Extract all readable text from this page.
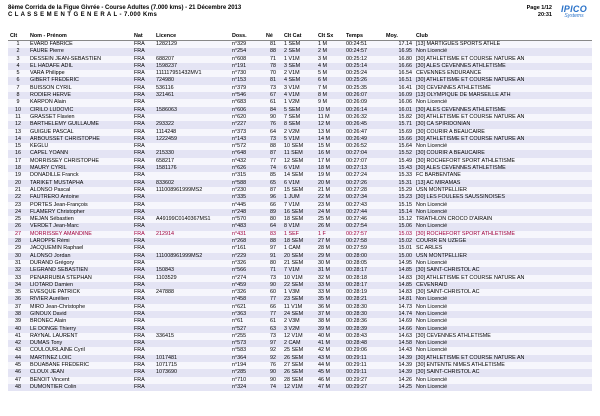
8ème Corrida de la Figue Givrée - Course Adultes (7.000 kms) - 21 Décembre 2013
C L A S S E M E N T G E N E R A L - 7.000 Kms
Page 1/12
20:31
IPICO
Systems
Clt	Nom - Prénom	Nat	Licence	Doss.	Né	Clt Cat	Clt Sx	Temps	Moy.	Club
1	EVARD FABRICE	FRA	1282129	n°329	81	1 SEM	1 M	00:24:51	17.14	[13] MARTIGUES SPORTS ATHLE
2	FAURE Pierre	FRA		n°254	88	2 SEM	2 M	00:24:57	16.95	Non Licencié
3	DESSEIN JEAN-SEBASTIEN	FRA	688207	n°608	71	1 V1M	3 M	00:25:12	16.80	[30] ATHLETISME ET COURSE NATURE AN
4	EL HADAFE ADIL	FRA	1598237	n°191	78	3 SEM	4 M	00:25:14	16.66	[30] ALES CEVENNES ATHLETISME
5	VARA Philippe	FRA	111117951432MV1	n°730	70	2 V1M	5 M	00:25:24	16.54	CEVENNES ENDURANCE
6	GIBERT FREDERIC	FRA	724980	n°153	81	4 SEM	6 M	00:25:26	16.51	[30] ATHLETISME ET COURSE NATURE AN
7	BUISSON CYRIL	FRA	536116	n°379	73	3 V1M	7 M	00:25:35	16.41	[30] CEVENNES ATHLETISME
8	RODIER HERVE	FRA	321461	n°546	67	4 V1M	8 M	00:26:07	16.09	[13] OLYMPIQUE DE MARSEILLE ATH
9	KARPON Alain	FRA		n°683	61	1 V2M	9 M	00:26:09	16.06	Non Licencié
10	CIRILO LUDOVIC	FRA	1586063	n°606	84	5 SEM	10 M	00:26:14	16.01	[30] ALES CEVENNES ATHLETISME
11	GRASSET Flavien	FRA		n°620	90	7 SEM	11 M	00:26:32	15.82	[30] ATHLETISME ET COURSE NATURE AN
12	BARTHELEMY GUILLAUME	FRA	293322	n°227	76	8 SEM	12 M	00:26:45	15.71	[30] CA SPIRIDONIAN
13	GUIGUE PASCAL	FRA	1114248	n°373	64	2 V2M	13 M	00:26:47	15.69	[30] COURIR A BEAUCAIRE
14	ARBOUSSET CHRISTOPHE	FRA	1222459	n°143	73	5 V1M	14 M	00:26:49	15.66	[30] ATHLETISME ET COURSE NATURE AN
15	KEGLU	FRA		n°572	88	10 SEM	15 M	00:26:52	15.64	Non Licencié
16	CAPEL YOANN	FRA	215330	n°648	87	11 SEM	16 M	00:27:04	15.52	[30] COURIR A BEAUCAIRE
17	MORRISSEY CHRISTOPHE	FRA	658217	n°432	77	12 SEM	17 M	00:27:07	15.49	[30] ROCHEFORT SPORT ATHLETISME
18	MAURY CYRIL	FRA	1581176	n°626	74	6 V1M	18 M	00:27:13	15.43	[30] ALES CEVENNES ATHLETISME
19	DONADILLE Franck	FRA		n°315	85	14 SEM	19 M	00:27:24	15.33	FC BARBENTANE
20	TARIKET MUSTAPHA	FRA	833602	n°588	65	6 V1M	20 M	00:27:26	15.31	[13] AC MIRAMAS
21	ALONSO Pascal	FRA	111008961999MS2	n°230	87	15 SEM	21 M	00:27:28	15.29	USN MONTPELLIER
22	FAUTRERO Antoine	FRA		n°335	96	1 JUM	22 M	00:27:34	15.23	[30] LES FOULEES SAUSSINOISES
23	PORTES Jean-François	FRA		n°445	66	7 V1M	23 M	00:27:43	15.15	Non Licencié
24	FLAMERY Christopher	FRA		n°248	89	16 SEM	24 M	00:27:44	15.14	Non Licencié
25	MEJAN Sébastien	FRA	A49199C0140367MS1	n°570	80	18 SEM	25 M	00:27:46	15.12	TRIATHLON CROCO D'AIRAIN
26	VERDET Jean-Marc	FRA		n°483	64	8 V1M	26 M	00:27:54	15.06	Non Licencié
27	MORRISSEY AMANDINE	FRA	212914	n°431	83	1 SEF	1 F	00:27:57	15.03	[30] ROCHEFORT SPORT ATHLETISME
28	LAROPPE Rémi	FRA		n°268	88	18 SEM	27 M	00:27:58	15.02	COURIR EN UZEGE
29	JACQUEMIN Raphael	FRA		n°161	97	1 CAM	28 M	00:27:59	15.01	SC ARLES
30	ALONSO Jordan	FRA	111008961999MS2	n°229	91	20 SEM	29 M	00:28:00	15.00	USN MONTPELLIER
31	DURAND Grégory	FRA		n°326	80	21 SEM	30 M	00:28:05	14.95	Non Licencié
32	LEGRAND SEBASTIEN	FRA	150843	n°566	71	7 V1M	31 M	00:28:17	14.85	[30] SAINT-CHRISTOL AC
33	PENARRUBIA STEPHAN	FRA	1103529	n°274	73	10 V1M	32 M	00:28:18	14.83	[30] ATHLETISME ET COURSE NATURE AN
34	LIOTARD Damien	FRA		n°459	90	22 SEM	33 M	00:28:17	14.85	CEVENRAID
35	EVESQUE PATRICK	FRA	247888	n°326	60	1 V3M	33 M	00:28:19	14.83	[30] SAINT-CHRISTOL AC
36	RIVIER Aurélien	FRA		n°458	77	23 SEM	35 M	00:28:21	14.81	Non Licencié
37	MIRO Jean-Christophe	FRA		n°621	66	11 V1M	36 M	00:28:30	14.73	Non Licencié
38	GINOUX David	FRA		n°363	77	24 SEM	37 M	00:28:30	14.74	Non Licencié
39	BRONEC Alain	FRA		n°61	61	2 V3M	38 M	00:28:36	14.69	Non Licencié
40	LE DONGE Thierry	FRA		n°527	63	3 V2M	39 M	00:28:39	14.66	Non Licencié
41	RAYNAL LAURENT	FRA	336415	n°255	73	12 V1M	40 M	00:28:43	14.63	[30] CEVENNES ATHLETISME
42	DUMAS Tony	FRA		n°573	97	2 CAM	41 M	00:28:48	14.58	Non Licencié
43	COULOURLAINE Cyril	FRA		n°583	92	25 SEM	42 M	00:29:06	14.43	Non Licencié
44	MARTINEZ LOIC	FRA	1017481	n°364	92	26 SEM	43 M	00:29:11	14.39	[30] ATHLETISME ET COURSE NATURE AN
45	BOUABANE FREDERIC	FRA	1071715	n°194	76	27 SEM	44 M	00:29:11	14.39	[30] ENTENTE NIMES ATHLETISME
46	CLOUX JEAN	FRA	1073690	n°285	90	26 SEM	45 M	00:29:11	14.39	[30] SAINT-CHRISTOL AC
47	BENOIT Vincent	FRA		n°710	90	28 SEM	46 M	00:29:27	14.26	Non Licencié
48	DUMONTIER Colin	FRA		n°324	74	12 V1M	47 M	00:29:27	14.25	Non Licencié
